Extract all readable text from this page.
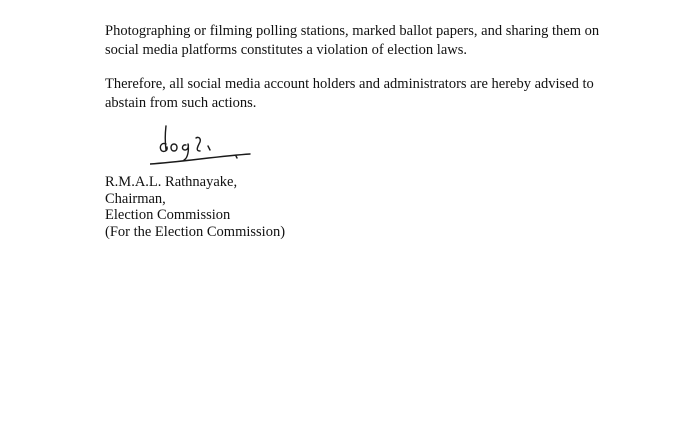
Photographing or filming polling stations, marked ballot papers, and sharing them on social media platforms constitutes a violation of election laws.

Therefore, all social media account holders and administrators are hereby advised to abstain from such actions.

R.M.A.L. Rathnayake,
Chairman,
Election Commission
(For the Election Commission)
